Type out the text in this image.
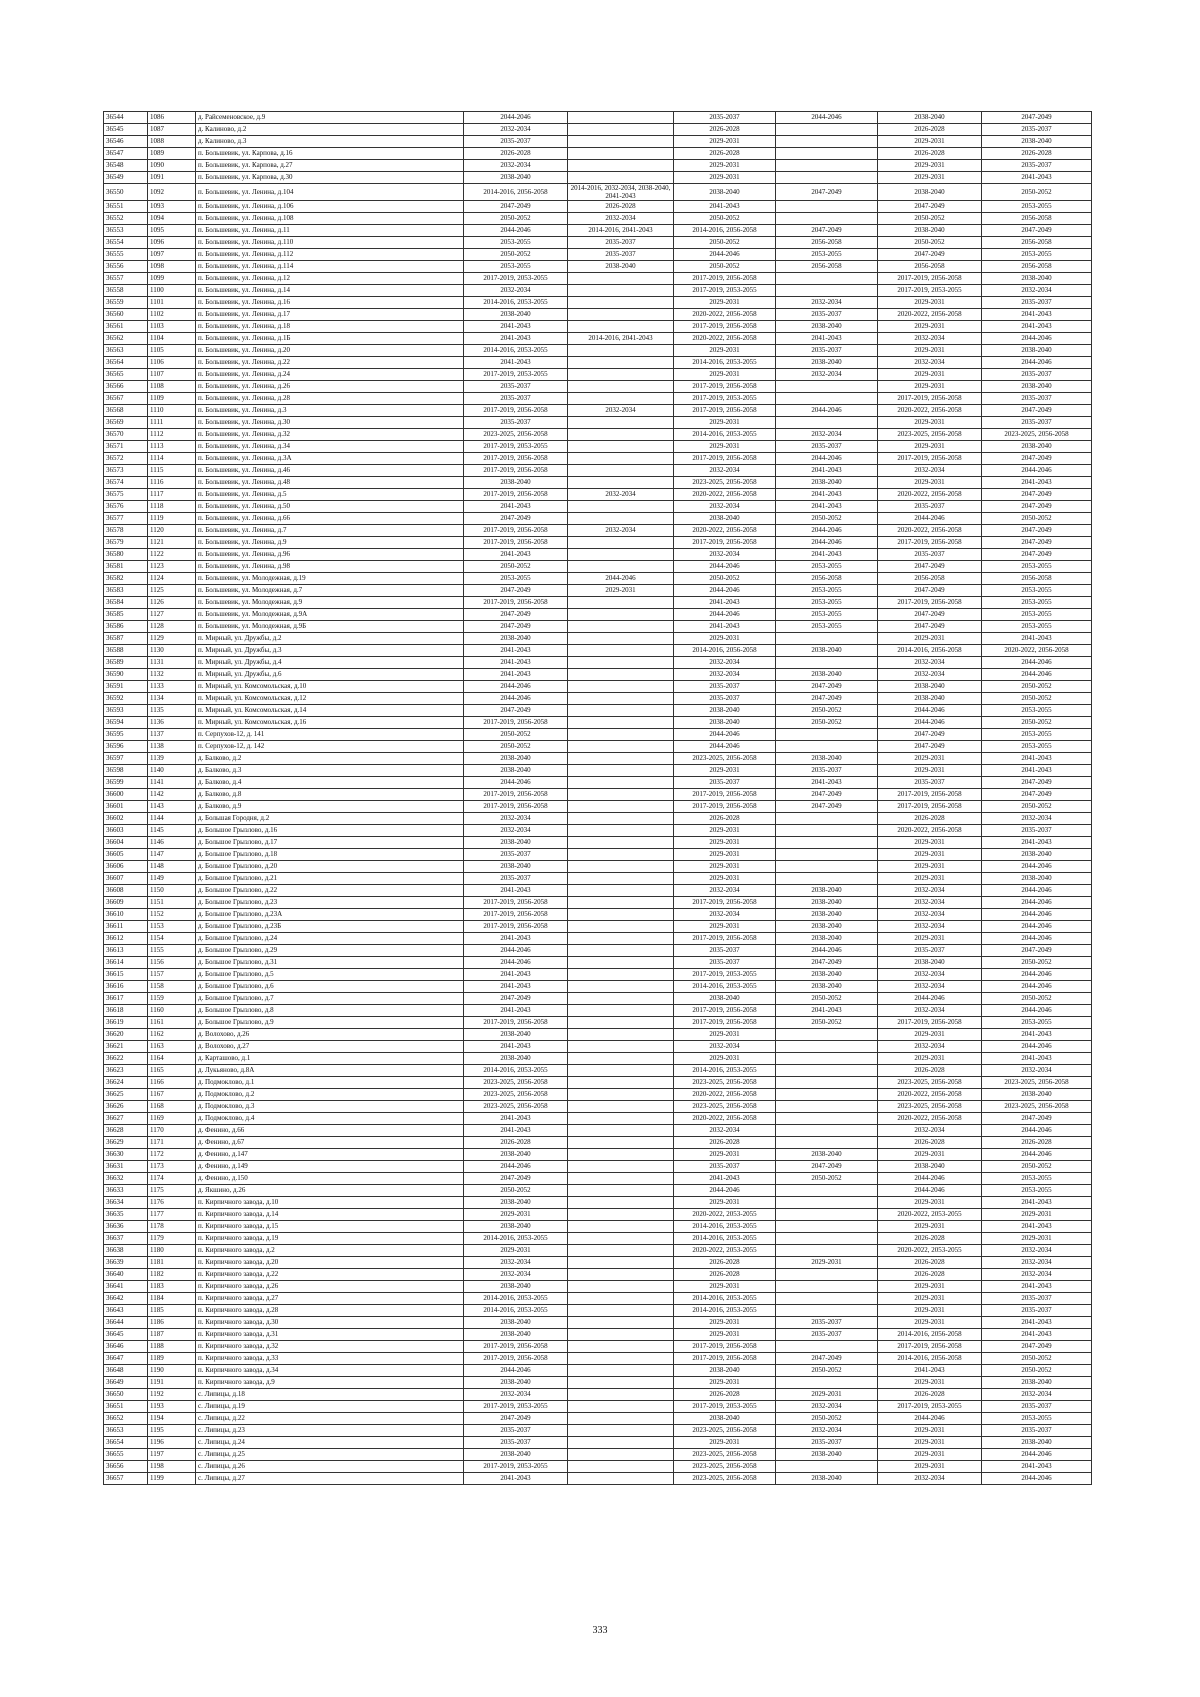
36544	1086	д. Райсеменовское, д.9	2044-2046		2035-2037	2044-2046	2038-2040	2047-2049
36545	1087	д. Калиново, д.2	2032-2034		2026-2028		2026-2028	2035-2037
36546	1088	д. Калиново, д.3	2035-2037		2029-2031		2029-2031	2038-2040
36547	1089	п. Большевик, ул. Карпова, д.16	2026-2028		2026-2028		2026-2028	2026-2028
36548	1090	п. Большевик, ул. Карпова, д.27	2032-2034		2029-2031		2029-2031	2035-2037
36549	1091	п. Большевик, ул. Карпова, д.30	2038-2040		2029-2031		2029-2031	2041-2043
36550	1092	п. Большевик, ул. Ленина, д.104	2014-2016, 2056-2058	2014-2016, 2032-2034, 2038-2040, 2041-2043	2038-2040	2047-2049	2038-2040	2050-2052
36551	1093	п. Большевик, ул. Ленина, д.106	2047-2049	2026-2028	2041-2043		2047-2049	2053-2055
36552	1094	п. Большевик, ул. Ленина, д.108	2050-2052	2032-2034	2050-2052		2050-2052	2056-2058
36553	1095	п. Большевик, ул. Ленина, д.11	2044-2046	2014-2016, 2041-2043	2014-2016, 2056-2058	2047-2049	2038-2040	2047-2049
36554	1096	п. Большевик, ул. Ленина, д.110	2053-2055	2035-2037	2050-2052	2056-2058	2050-2052	2056-2058
36555	1097	п. Большевик, ул. Ленина, д.112	2050-2052	2035-2037	2044-2046	2053-2055	2047-2049	2053-2055
36556	1098	п. Большевик, ул. Ленина, д.114	2053-2055	2038-2040	2050-2052	2056-2058	2056-2058	2056-2058
36557	1099	п. Большевик, ул. Ленина, д.12	2017-2019, 2053-2055		2017-2019, 2056-2058		2017-2019, 2056-2058	2038-2040
36558	1100	п. Большевик, ул. Ленина, д.14	2032-2034		2017-2019, 2053-2055		2017-2019, 2053-2055	2032-2034
36559	1101	п. Большевик, ул. Ленина, д.16	2014-2016, 2053-2055		2029-2031	2032-2034	2029-2031	2035-2037
36560	1102	п. Большевик, ул. Ленина, д.17	2038-2040		2020-2022, 2056-2058	2035-2037	2020-2022, 2056-2058	2041-2043
36561	1103	п. Большевик, ул. Ленина, д.18	2041-2043		2017-2019, 2056-2058	2038-2040	2029-2031	2041-2043
36562	1104	п. Большевик, ул. Ленина, д.1Б	2041-2043	2014-2016, 2041-2043	2020-2022, 2056-2058	2041-2043	2032-2034	2044-2046
36563	1105	п. Большевик, ул. Ленина, д.20	2014-2016, 2053-2055		2029-2031	2035-2037	2029-2031	2038-2040
36564	1106	п. Большевик, ул. Ленина, д.22	2041-2043		2014-2016, 2053-2055	2038-2040	2032-2034	2044-2046
36565	1107	п. Большевик, ул. Ленина, д.24	2017-2019, 2053-2055		2029-2031	2032-2034	2029-2031	2035-2037
36566	1108	п. Большевик, ул. Ленина, д.26	2035-2037		2017-2019, 2056-2058		2029-2031	2038-2040
36567	1109	п. Большевик, ул. Ленина, д.28	2035-2037		2017-2019, 2053-2055		2017-2019, 2056-2058	2035-2037
36568	1110	п. Большевик, ул. Ленина, д.3	2017-2019, 2056-2058	2032-2034	2017-2019, 2056-2058	2044-2046	2020-2022, 2056-2058	2047-2049
36569	1111	п. Большевик, ул. Ленина, д.30	2035-2037		2029-2031		2029-2031	2035-2037
36570	1112	п. Большевик, ул. Ленина, д.32	2023-2025, 2056-2058		2014-2016, 2053-2055	2032-2034	2023-2025, 2056-2058	2023-2025, 2056-2058
36571	1113	п. Большевик, ул. Ленина, д.34	2017-2019, 2053-2055		2029-2031	2035-2037	2029-2031	2038-2040
36572	1114	п. Большевик, ул. Ленина, д.3А	2017-2019, 2056-2058		2017-2019, 2056-2058	2044-2046	2017-2019, 2056-2058	2047-2049
36573	1115	п. Большевик, ул. Ленина, д.46	2017-2019, 2056-2058		2032-2034	2041-2043	2032-2034	2044-2046
36574	1116	п. Большевик, ул. Ленина, д.48	2038-2040		2023-2025, 2056-2058	2038-2040	2029-2031	2041-2043
36575	1117	п. Большевик, ул. Ленина, д.5	2017-2019, 2056-2058	2032-2034	2020-2022, 2056-2058	2041-2043	2020-2022, 2056-2058	2047-2049
36576	1118	п. Большевик, ул. Ленина, д.50	2041-2043		2032-2034	2041-2043	2035-2037	2047-2049
36577	1119	п. Большевик, ул. Ленина, д.66	2047-2049		2038-2040	2050-2052	2044-2046	2050-2052
36578	1120	п. Большевик, ул. Ленина, д.7	2017-2019, 2056-2058	2032-2034	2020-2022, 2056-2058	2044-2046	2020-2022, 2056-2058	2047-2049
36579	1121	п. Большевик, ул. Ленина, д.9	2017-2019, 2056-2058		2017-2019, 2056-2058	2044-2046	2017-2019, 2056-2058	2047-2049
36580	1122	п. Большевик, ул. Ленина, д.96	2041-2043		2032-2034	2041-2043	2035-2037	2047-2049
36581	1123	п. Большевик, ул. Ленина, д.98	2050-2052		2044-2046	2053-2055	2047-2049	2053-2055
36582	1124	п. Большевик, ул. Молодежная, д.19	2053-2055	2044-2046	2050-2052	2056-2058	2056-2058	2056-2058
36583	1125	п. Большевик, ул. Молодежная, д.7	2047-2049	2029-2031	2044-2046	2053-2055	2047-2049	2053-2055
36584	1126	п. Большевик, ул. Молодежная, д.9	2017-2019, 2056-2058		2041-2043	2053-2055	2017-2019, 2056-2058	2053-2055
36585	1127	п. Большевик, ул. Молодежная, д.9А	2047-2049		2044-2046	2053-2055	2047-2049	2053-2055
36586	1128	п. Большевик, ул. Молодежная, д.9Б	2047-2049		2041-2043	2053-2055	2047-2049	2053-2055
36587	1129	п. Мирный, ул. Дружбы, д.2	2038-2040		2029-2031		2029-2031	2041-2043
36588	1130	п. Мирный, ул. Дружбы, д.3	2041-2043		2014-2016, 2056-2058	2038-2040	2014-2016, 2056-2058	2020-2022, 2056-2058
36589	1131	п. Мирный, ул. Дружбы, д.4	2041-2043		2032-2034		2032-2034	2044-2046
36590	1132	п. Мирный, ул. Дружбы, д.6	2041-2043		2032-2034	2038-2040	2032-2034	2044-2046
36591	1133	п. Мирный, ул. Комсомольская, д.10	2044-2046		2035-2037	2047-2049	2038-2040	2050-2052
36592	1134	п. Мирный, ул. Комсомольская, д.12	2044-2046		2035-2037	2047-2049	2038-2040	2050-2052
36593	1135	п. Мирный, ул. Комсомольская, д.14	2047-2049		2038-2040	2050-2052	2044-2046	2053-2055
36594	1136	п. Мирный, ул. Комсомольская, д.16	2017-2019, 2056-2058		2038-2040	2050-2052	2044-2046	2050-2052
36595	1137	п. Серпухов-12, д. 141	2050-2052		2044-2046		2047-2049	2053-2055
36596	1138	п. Серпухов-12, д. 142	2050-2052		2044-2046		2047-2049	2053-2055
36597	1139	д. Балково, д.2	2038-2040		2023-2025, 2056-2058	2038-2040	2029-2031	2041-2043
36598	1140	д. Балково, д.3	2038-2040		2029-2031	2035-2037	2029-2031	2041-2043
36599	1141	д. Балково, д.4	2044-2046		2035-2037	2041-2043	2035-2037	2047-2049
36600	1142	д. Балково, д.8	2017-2019, 2056-2058		2017-2019, 2056-2058	2047-2049	2017-2019, 2056-2058	2047-2049
36601	1143	д. Балково, д.9	2017-2019, 2056-2058		2017-2019, 2056-2058	2047-2049	2017-2019, 2056-2058	2050-2052
36602	1144	д. Большая Городня, д.2	2032-2034		2026-2028		2026-2028	2032-2034
36603	1145	д. Большое Грызлово, д.16	2032-2034		2029-2031		2020-2022, 2056-2058	2035-2037
36604	1146	д. Большое Грызлово, д.17	2038-2040		2029-2031		2029-2031	2041-2043
36605	1147	д. Большое Грызлово, д.18	2035-2037		2029-2031		2029-2031	2038-2040
36606	1148	д. Большое Грызлово, д.20	2038-2040		2029-2031		2029-2031	2044-2046
36607	1149	д. Большое Грызлово, д.21	2035-2037		2029-2031		2029-2031	2038-2040
36608	1150	д. Большое Грызлово, д.22	2041-2043		2032-2034	2038-2040	2032-2034	2044-2046
36609	1151	д. Большое Грызлово, д.23	2017-2019, 2056-2058		2017-2019, 2056-2058	2038-2040	2032-2034	2044-2046
36610	1152	д. Большое Грызлово, д.23А	2017-2019, 2056-2058		2032-2034	2038-2040	2032-2034	2044-2046
36611	1153	д. Большое Грызлово, д.23Б	2017-2019, 2056-2058		2029-2031	2038-2040	2032-2034	2044-2046
36612	1154	д. Большое Грызлово, д.24	2041-2043		2017-2019, 2056-2058	2038-2040	2029-2031	2044-2046
36613	1155	д. Большое Грызлово, д.29	2044-2046		2035-2037	2044-2046	2035-2037	2047-2049
36614	1156	д. Большое Грызлово, д.31	2044-2046		2035-2037	2047-2049	2038-2040	2050-2052
36615	1157	д. Большое Грызлово, д.5	2041-2043		2017-2019, 2053-2055	2038-2040	2032-2034	2044-2046
36616	1158	д. Большое Грызлово, д.6	2041-2043		2014-2016, 2053-2055	2038-2040	2032-2034	2044-2046
36617	1159	д. Большое Грызлово, д.7	2047-2049		2038-2040	2050-2052	2044-2046	2050-2052
36618	1160	д. Большое Грызлово, д.8	2041-2043		2017-2019, 2056-2058	2041-2043	2032-2034	2044-2046
36619	1161	д. Большое Грызлово, д.9	2017-2019, 2056-2058		2017-2019, 2056-2058	2050-2052	2017-2019, 2056-2058	2053-2055
36620	1162	д. Волохово, д.26	2038-2040		2029-2031		2029-2031	2041-2043
36621	1163	д. Волохово, д.27	2041-2043		2032-2034		2032-2034	2044-2046
36622	1164	д. Карташово, д.1	2038-2040		2029-2031		2029-2031	2041-2043
36623	1165	д. Лукьяново, д.8А	2014-2016, 2053-2055		2014-2016, 2053-2055		2026-2028	2032-2034
36624	1166	д. Подмоклово, д.1	2023-2025, 2056-2058		2023-2025, 2056-2058		2023-2025, 2056-2058	2023-2025, 2056-2058
36625	1167	д. Подмоклово, д.2	2023-2025, 2056-2058		2020-2022, 2056-2058		2020-2022, 2056-2058	2038-2040
36626	1168	д. Подмоклово, д.3	2023-2025, 2056-2058		2023-2025, 2056-2058		2023-2025, 2056-2058	2023-2025, 2056-2058
36627	1169	д. Подмоклово, д.4	2041-2043		2020-2022, 2056-2058		2020-2022, 2056-2058	2047-2049
36628	1170	д. Фенино, д.66	2041-2043		2032-2034		2032-2034	2044-2046
36629	1171	д. Фенино, д.67	2026-2028		2026-2028		2026-2028	2026-2028
36630	1172	д. Фенино, д.147	2038-2040		2029-2031	2038-2040	2029-2031	2044-2046
36631	1173	д. Фенино, д.149	2044-2046		2035-2037	2047-2049	2038-2040	2050-2052
36632	1174	д. Фенино, д.150	2047-2049		2041-2043	2050-2052	2044-2046	2053-2055
36633	1175	д. Якшино, д.26	2050-2052		2044-2046		2044-2046	2053-2055
36634	1176	п. Кирпичного завода, д.10	2038-2040		2029-2031		2029-2031	2041-2043
36635	1177	п. Кирпичного завода, д.14	2029-2031		2020-2022, 2053-2055		2020-2022, 2053-2055	2029-2031
36636	1178	п. Кирпичного завода, д.15	2038-2040		2014-2016, 2053-2055		2029-2031	2041-2043
36637	1179	п. Кирпичного завода, д.19	2014-2016, 2053-2055		2014-2016, 2053-2055		2026-2028	2029-2031
36638	1180	п. Кирпичного завода, д.2	2029-2031		2020-2022, 2053-2055		2020-2022, 2053-2055	2032-2034
36639	1181	п. Кирпичного завода, д.20	2032-2034		2026-2028	2029-2031	2026-2028	2032-2034
36640	1182	п. Кирпичного завода, д.22	2032-2034		2026-2028		2026-2028	2032-2034
36641	1183	п. Кирпичного завода, д.26	2038-2040		2029-2031		2029-2031	2041-2043
36642	1184	п. Кирпичного завода, д.27	2014-2016, 2053-2055		2014-2016, 2053-2055		2029-2031	2035-2037
36643	1185	п. Кирпичного завода, д.28	2014-2016, 2053-2055		2014-2016, 2053-2055		2029-2031	2035-2037
36644	1186	п. Кирпичного завода, д.30	2038-2040		2029-2031	2035-2037	2029-2031	2041-2043
36645	1187	п. Кирпичного завода, д.31	2038-2040		2029-2031	2035-2037	2014-2016, 2056-2058	2041-2043
36646	1188	п. Кирпичного завода, д.32	2017-2019, 2056-2058		2017-2019, 2056-2058		2017-2019, 2056-2058	2047-2049
36647	1189	п. Кирпичного завода, д.33	2017-2019, 2056-2058		2017-2019, 2056-2058	2047-2049	2014-2016, 2056-2058	2050-2052
36648	1190	п. Кирпичного завода, д.34	2044-2046		2038-2040	2050-2052	2041-2043	2050-2052
36649	1191	п. Кирпичного завода, д.9	2038-2040		2029-2031		2029-2031	2038-2040
36650	1192	с. Липицы, д.18	2032-2034		2026-2028	2029-2031	2026-2028	2032-2034
36651	1193	с. Липицы, д.19	2017-2019, 2053-2055		2017-2019, 2053-2055	2032-2034	2017-2019, 2053-2055	2035-2037
36652	1194	с. Липицы, д.22	2047-2049		2038-2040	2050-2052	2044-2046	2053-2055
36653	1195	с. Липицы, д.23	2035-2037		2023-2025, 2056-2058	2032-2034	2029-2031	2035-2037
36654	1196	с. Липицы, д.24	2035-2037		2029-2031	2035-2037	2029-2031	2038-2040
36655	1197	с. Липицы, д.25	2038-2040		2023-2025, 2056-2058	2038-2040	2029-2031	2044-2046
36656	1198	с. Липицы, д.26	2017-2019, 2053-2055		2023-2025, 2056-2058		2029-2031	2041-2043
36657	1199	с. Липицы, д.27	2041-2043		2023-2025, 2056-2058	2038-2040	2032-2034	2044-2046
333
